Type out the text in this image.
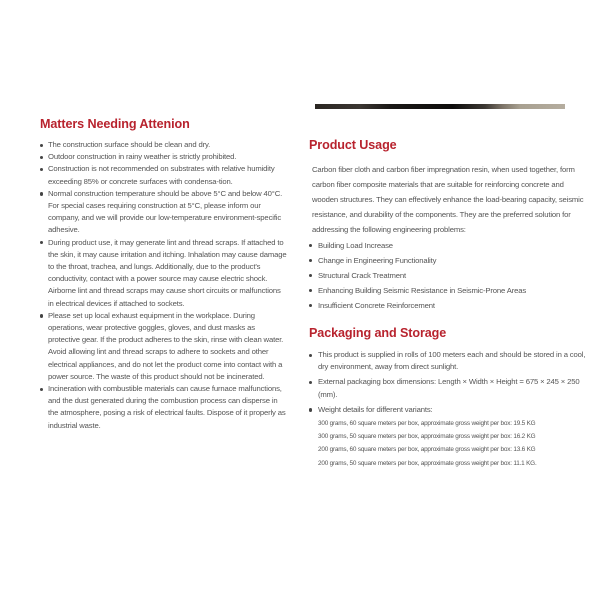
Matters Needing Attenion
The construction surface should be clean and dry.
Outdoor construction in rainy weather is strictly prohibited.
Construction is not recommended on substrates with relative humidity exceeding 85% or concrete surfaces with condensa-tion.
Normal construction temperature should be above 5°C and below 40°C. For special cases requiring construction at 5°C, please inform our company, and we will provide our low-temperature environment-specific adhesive.
During product use, it may generate lint and thread scraps. If attached to the skin, it may cause irritation and itching. Inhalation may cause damage to the throat, trachea, and lungs. Additionally, due to the product's conductivity, contact with a power source may cause electric shock. Airborne lint and thread scraps may cause short circuits or malfunctions in electrical devices if attached to sockets.
Please set up local exhaust equipment in the workplace. During operations, wear protective goggles, gloves, and dust masks as protective gear. If the product adheres to the skin, rinse with clean water. Avoid allowing lint and thread scraps to adhere to sockets and other electrical appliances, and do not let the product come into contact with a power source. The waste of this product should not be incinerated.
Incineration with combustible materials can cause furnace malfunctions, and the dust generated during the combustion process can disperse in the atmosphere, posing a risk of electrical faults. Dispose of it properly as industrial waste.
Product Usage

Carbon fiber cloth and carbon fiber impregnation resin, when used together, form carbon fiber composite materials that are suitable for reinforcing concrete and wooden structures. They can effectively enhance the load-bearing capacity, seismic resistance, and durability of the components. They are the preferred solution for addressing the following engineering problems:

Building Load Increase
Change in Engineering Functionality
Structural Crack Treatment
Enhancing Building Seismic Resistance in Seismic-Prone Areas
Insufficient Concrete Reinforcement
Packaging and Storage
This product is supplied in rolls of 100 meters each and should be stored in a cool, dry environment, away from direct sunlight.
External packaging box dimensions: Length × Width × Height = 675 × 245 × 250 (mm).
Weight details for different variants:
300 grams, 60 square meters per box, approximate gross weight per box: 19.5 KG
300 grams, 50 square meters per box, approximate gross weight per box: 16.2 KG
200 grams, 60 square meters per box, approximate gross weight per box: 13.6 KG
200 grams, 50 square meters per box, approximate gross weight per box: 11.1 KG.
